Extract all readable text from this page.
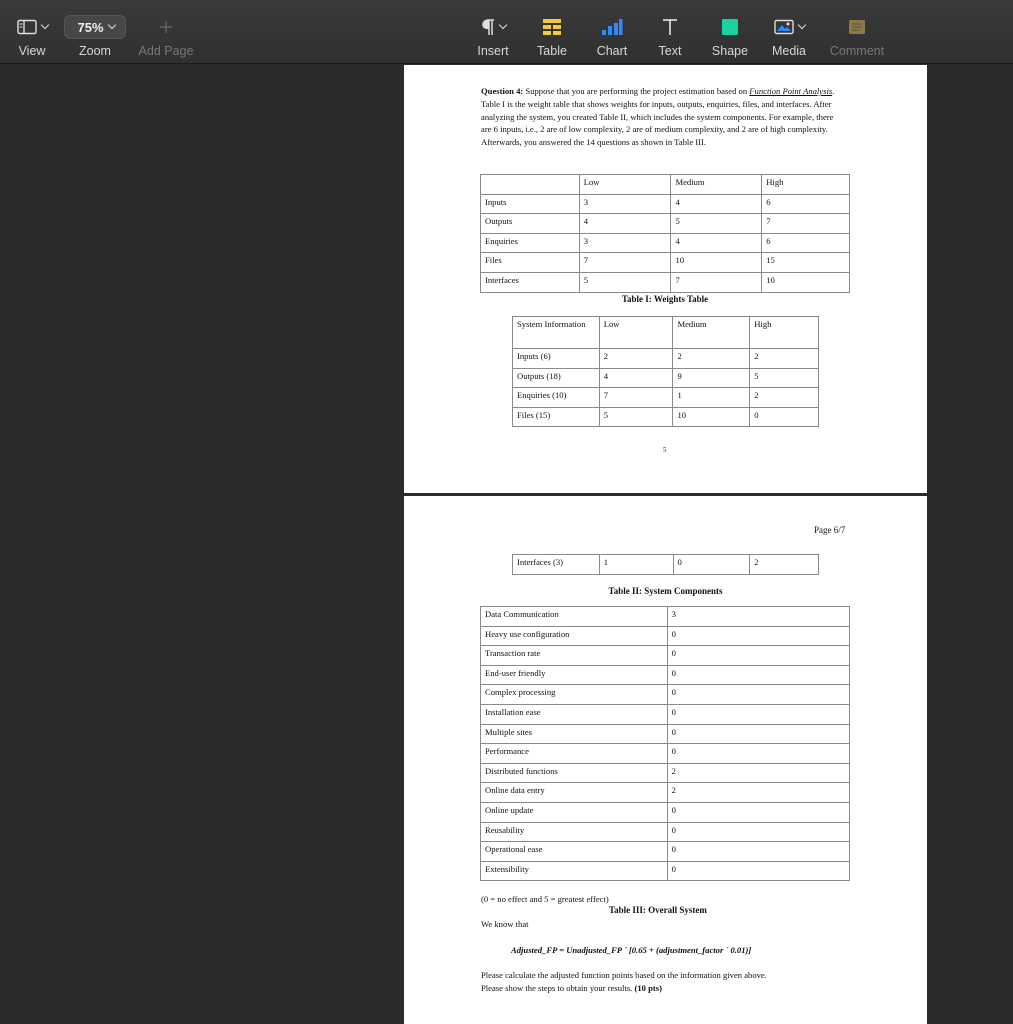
View
75%
Zoom Add Page	Insert Table Chart	Text Shape Media Comment
Question 4: Suppose that you are performing the project estimation based on Function Point Analysis. Table I is the weight table that shows weights for inputs, outputs, enquiries, files, and interfaces. After analyzing the system, you created Table II, which includes the system components. For example, there are 6 inputs, i.e., 2 are of low complexity, 2 are of medium complexity, and 2 are of high complexity. Afterwards, you answered the 14 questions as shown in Table III.
	Low	Medium	High
Inputs	3	4	6
Outputs	4	5	7
Enquiries	3	4	6
Files	7	10	15
Interfaces	5	7	10
Table I: Weights Table
System Information	Low	Medium	High
Inputs (6)	2	2	2
Outputs (18)	4	9	5
Enquiries (10)	7	1	2
Files (15)	5	10	0
5
Page 6/7
Interfaces (3)	1	0	2
Table II: System Components
Data Communication	3
Heavy use configuration	0
Transaction rate	0
End-user friendly	0
Complex processing	0
Installation ease	0
Multiple sites	0
Performance	0
Distributed functions	2
Online data entry	2
Online update	0
Reusability	0
Operational ease	0
Extensibility	0
(0 = no effect and 5 = greatest effect)
Table III: Overall System
We know that
Adjusted_FP = Unadjusted_FP ´ [0.65 + (adjustment_factor ´ 0.01)]
Please calculate the adjusted function points based on the information given above.
Please show the steps to obtain your results. (10 pts)
